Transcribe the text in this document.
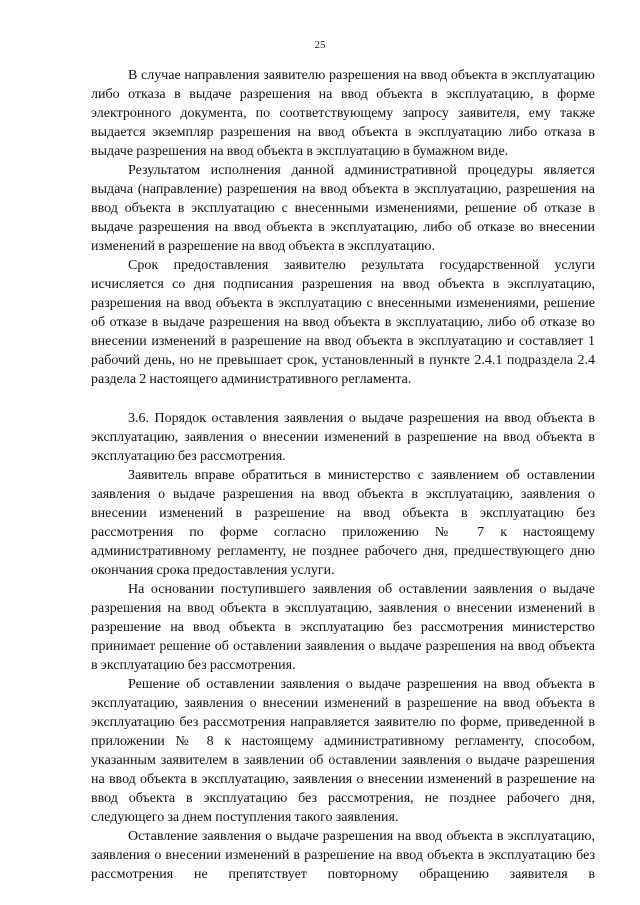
25

В случае направления заявителю разрешения на ввод объекта в эксплуатацию либо отказа в выдаче разрешения на ввод объекта в эксплуатацию, в форме электронного документа, по соответствующему запросу заявителя, ему также выдается экземпляр разрешения на ввод объекта в эксплуатацию либо отказа в выдаче разрешения на ввод объекта в эксплуатацию в бумажном виде.

Результатом исполнения данной административной процедуры является выдача (направление) разрешения на ввод объекта в эксплуатацию, разрешения на ввод объекта в эксплуатацию с внесенными изменениями, решение об отказе в выдаче разрешения на ввод объекта в эксплуатацию, либо об отказе во внесении изменений в разрешение на ввод объекта в эксплуатацию.

Срок предоставления заявителю результата государственной услуги исчисляется со дня подписания разрешения на ввод объекта в эксплуатацию, разрешения на ввод объекта в эксплуатацию с внесенными изменениями, решение об отказе в выдаче разрешения на ввод объекта в эксплуатацию, либо об отказе во внесении изменений в разрешение на ввод объекта в эксплуатацию и составляет 1 рабочий день, но не превышает срок, установленный в пункте 2.4.1 подраздела 2.4 раздела 2 настоящего административного регламента.

3.6. Порядок оставления заявления о выдаче разрешения на ввод объекта в эксплуатацию, заявления о внесении изменений в разрешение на ввод объекта в эксплуатацию без рассмотрения.

Заявитель вправе обратиться в министерство с заявлением об оставлении заявления о выдаче разрешения на ввод объекта в эксплуатацию, заявления о внесении изменений в разрешение на ввод объекта в эксплуатацию без рассмотрения по форме согласно приложению № 7 к настоящему административному регламенту, не позднее рабочего дня, предшествующего дню окончания срока предоставления услуги.

На основании поступившего заявления об оставлении заявления о выдаче разрешения на ввод объекта в эксплуатацию, заявления о внесении изменений в разрешение на ввод объекта в эксплуатацию без рассмотрения министерство принимает решение об оставлении заявления о выдаче разрешения на ввод объекта в эксплуатацию без рассмотрения.

Решение об оставлении заявления о выдаче разрешения на ввод объекта в эксплуатацию, заявления о внесении изменений в разрешение на ввод объекта в эксплуатацию без рассмотрения направляется заявителю по форме, приведенной в приложении № 8 к настоящему административному регламенту, способом, указанным заявителем в заявлении об оставлении заявления о выдаче разрешения на ввод объекта в эксплуатацию, заявления о внесении изменений в разрешение на ввод объекта в эксплуатацию без рассмотрения, не позднее рабочего дня, следующего за днем поступления такого заявления.

Оставление заявления о выдаче разрешения на ввод объекта в эксплуатацию, заявления о внесении изменений в разрешение на ввод объекта в эксплуатацию без рассмотрения не препятствует повторному обращению заявителя в
